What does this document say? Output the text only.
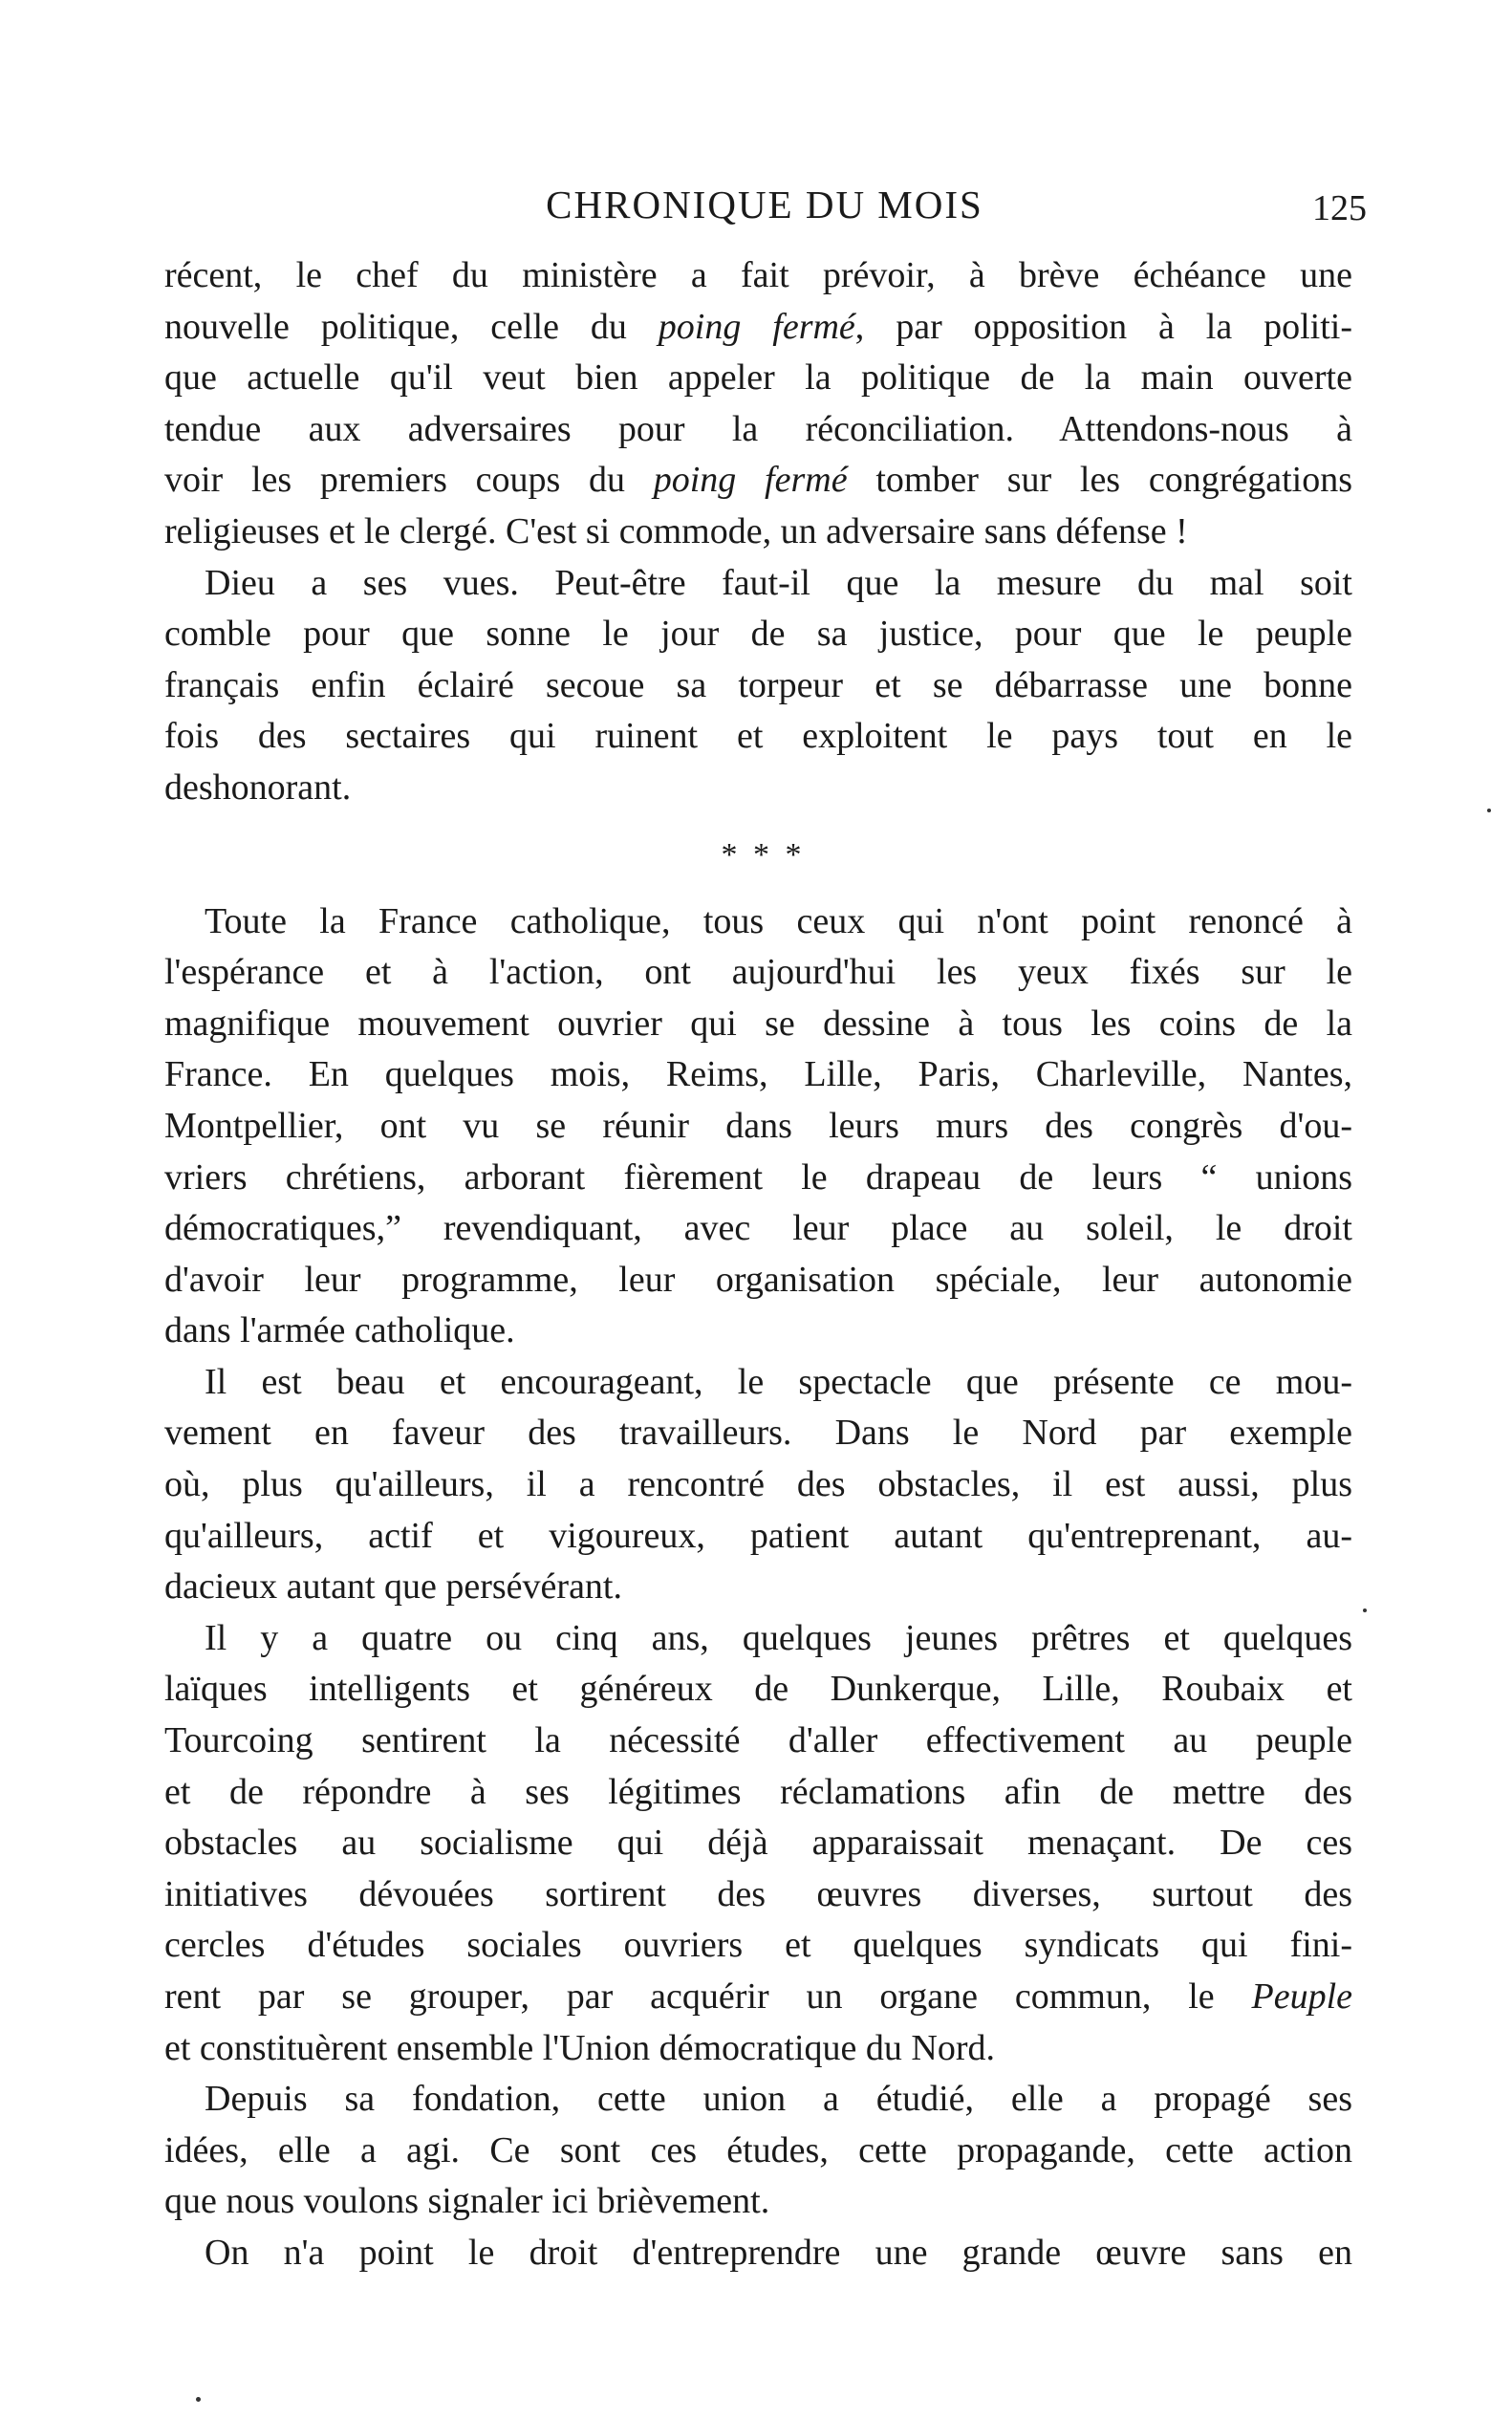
CHRONIQUE DU MOIS	125
récent, le chef du ministère a fait prévoir, à brève échéance une
nouvelle politique, celle du poing fermé, par opposition à la politi-
que actuelle qu'il veut bien appeler la politique de la main ouverte
tendue aux adversaires pour la réconciliation. Attendons-nous à
voir les premiers coups du poing fermé tomber sur les congrégations
religieuses et le clergé. C'est si commode, un adversaire sans défense !
Dieu a ses vues. Peut-être faut-il que la mesure du mal soit
comble pour que sonne le jour de sa justice, pour que le peuple
français enfin éclairé secoue sa torpeur et se débarrasse une bonne
fois des sectaires qui ruinent et exploitent le pays tout en le
deshonorant.
* * *
Toute la France catholique, tous ceux qui n'ont point renoncé à
l'espérance et à l'action, ont aujourd'hui les yeux fixés sur le
magnifique mouvement ouvrier qui se dessine à tous les coins de la
France. En quelques mois, Reims, Lille, Paris, Charleville, Nantes,
Montpellier, ont vu se réunir dans leurs murs des congrès d'ou-
vriers chrétiens, arborant fièrement le drapeau de leurs “ unions
démocratiques,” revendiquant, avec leur place au soleil, le droit
d'avoir leur programme, leur organisation spéciale, leur autonomie
dans l'armée catholique.
Il est beau et encourageant, le spectacle que présente ce mou-
vement en faveur des travailleurs. Dans le Nord par exemple
où, plus qu'ailleurs, il a rencontré des obstacles, il est aussi, plus
qu'ailleurs, actif et vigoureux, patient autant qu'entreprenant, au-
dacieux autant que persévérant.
Il y a quatre ou cinq ans, quelques jeunes prêtres et quelques
laïques intelligents et généreux de Dunkerque, Lille, Roubaix et
Tourcoing sentirent la nécessité d'aller effectivement au peuple
et de répondre à ses légitimes réclamations afin de mettre des
obstacles au socialisme qui déjà apparaissait menaçant. De ces
initiatives dévouées sortirent des œuvres diverses, surtout des
cercles d'études sociales ouvriers et quelques syndicats qui fini-
rent par se grouper, par acquérir un organe commun, le Peuple
et constituèrent ensemble l'Union démocratique du Nord.
Depuis sa fondation, cette union a étudié, elle a propagé ses
idées, elle a agi. Ce sont ces études, cette propagande, cette action
que nous voulons signaler ici brièvement.
On n'a point le droit d'entreprendre une grande œuvre sans en
